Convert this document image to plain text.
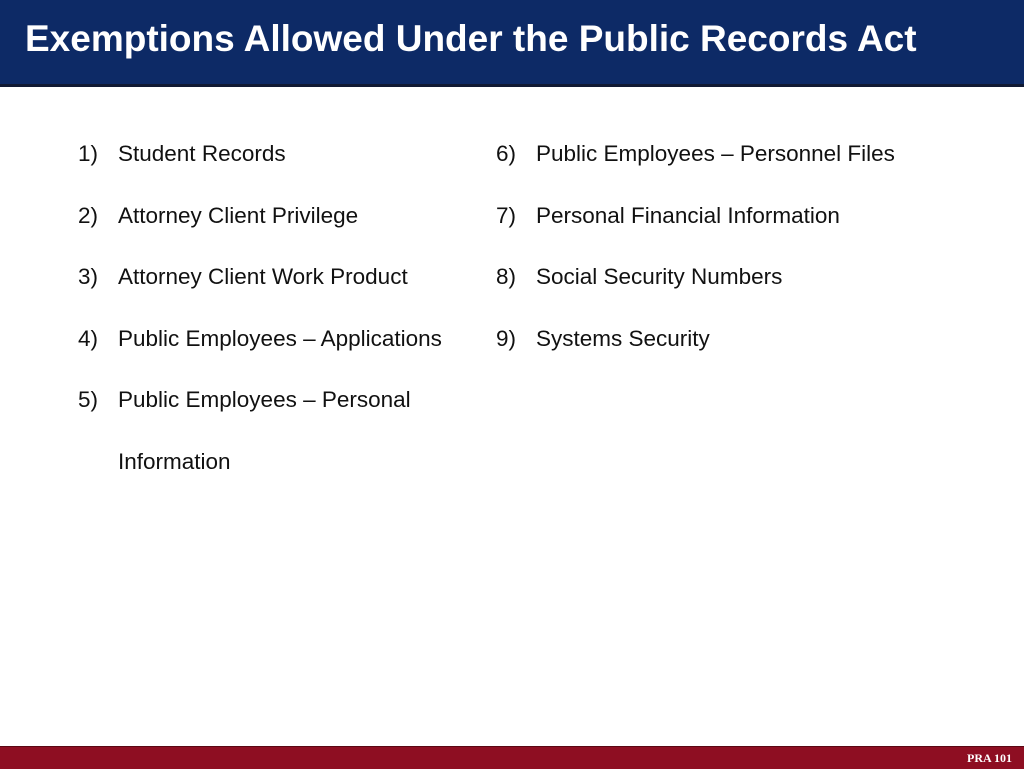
Exemptions Allowed Under the Public Records Act
1) Student Records
2) Attorney Client Privilege
3) Attorney Client Work Product
4) Public Employees – Applications
5) Public Employees – Personal Information
6) Public Employees – Personnel Files
7) Personal Financial Information
8) Social Security Numbers
9) Systems Security
PRA 101
